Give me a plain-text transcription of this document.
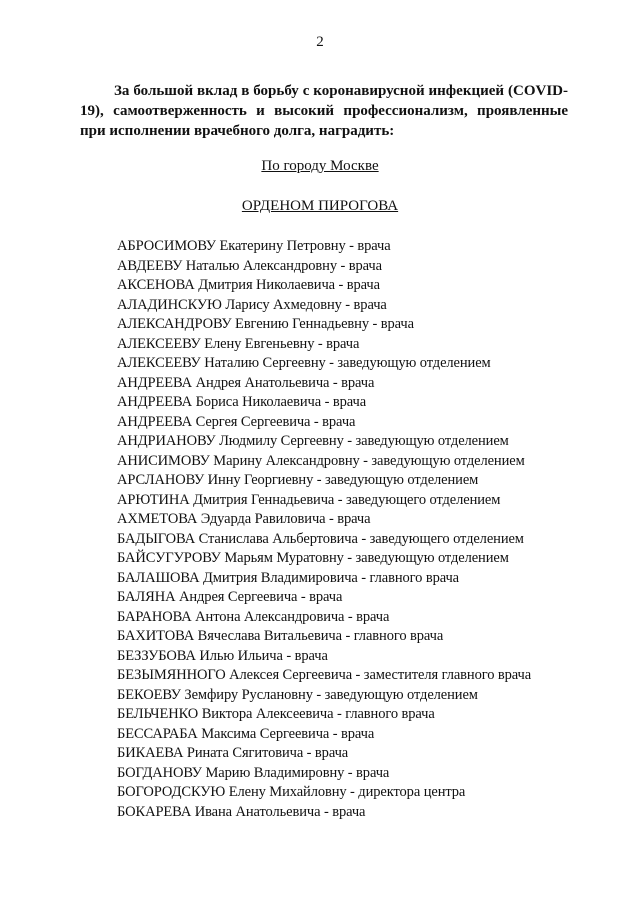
2
За большой вклад в борьбу с коронавирусной инфекцией (COVID-19), самоотверженность и высокий профессионализм, проявленные при исполнении врачебного долга, наградить:
По городу Москве
ОРДЕНОМ ПИРОГОВА
АБРОСИМОВУ Екатерину Петровну - врача
АВДЕЕВУ Наталью Александровну - врача
АКСЕНОВА Дмитрия Николаевича - врача
АЛАДИНСКУЮ Ларису Ахмедовну - врача
АЛЕКСАНДРОВУ Евгению Геннадьевну - врача
АЛЕКСЕЕВУ Елену Евгеньевну - врача
АЛЕКСЕЕВУ Наталию Сергеевну - заведующую отделением
АНДРЕЕВА Андрея Анатольевича - врача
АНДРЕЕВА Бориса Николаевича - врача
АНДРЕЕВА Сергея Сергеевича - врача
АНДРИАНОВУ Людмилу Сергеевну - заведующую отделением
АНИСИМОВУ Марину Александровну - заведующую отделением
АРСЛАНОВУ Инну Георгиевну - заведующую отделением
АРЮТИНА Дмитрия Геннадьевича - заведующего отделением
АХМЕТОВА Эдуарда Равиловича - врача
БАДЫГОВА Станислава Альбертовича - заведующего отделением
БАЙСУГУРОВУ Марьям Муратовну - заведующую отделением
БАЛАШОВА Дмитрия Владимировича - главного врача
БАЛЯНА Андрея Сергеевича - врача
БАРАНОВА Антона Александровича - врача
БАХИТОВА Вячеслава Витальевича - главного врача
БЕЗЗУБОВА Илью Ильича - врача
БЕЗЫМЯННОГО Алексея Сергеевича - заместителя главного врача
БЕКОЕВУ Земфиру Руслановну - заведующую отделением
БЕЛЬЧЕНКО Виктора Алексеевича - главного врача
БЕССАРАБА Максима Сергеевича - врача
БИКАЕВА Рината Сягитовича - врача
БОГДАНОВУ Марию Владимировну - врача
БОГОРОДСКУЮ Елену Михайловну - директора центра
БОКАРЕВА Ивана Анатольевича - врача
